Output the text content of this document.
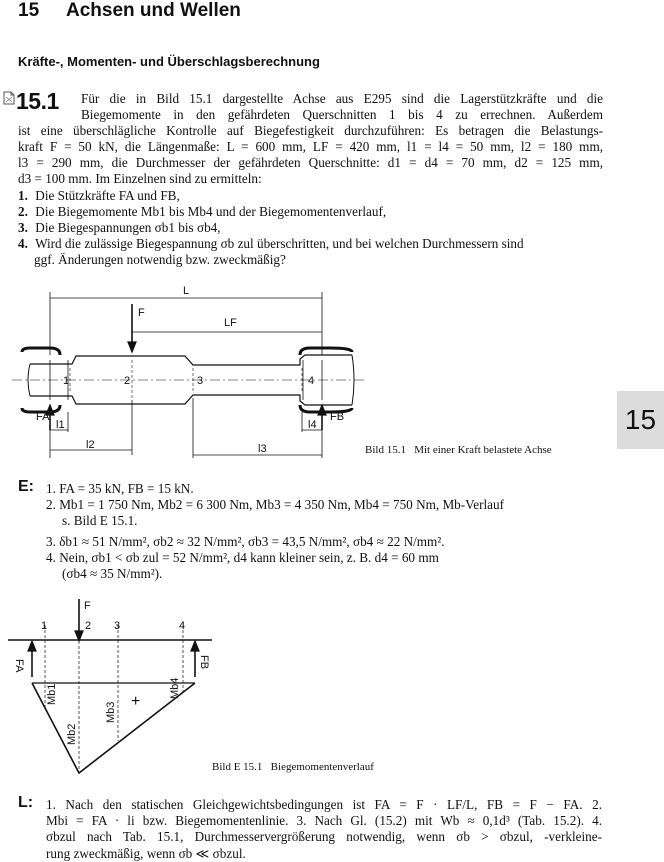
15 Achsen und Wellen
Kräfte-, Momenten- und Überschlagsberechnung
15.1 Für die in Bild 15.1 dargestellte Achse aus E295 sind die Lagerstützkräfte und die
Biegemomente in den gefährdeten Querschnitten 1 bis 4 zu errechnen. Außerdem
ist eine überschlägliche Kontrolle auf Biegefestigkeit durchzuführen: Es betragen die Belastungs-
kraft F = 50 kN, die Längenmaße: L = 600 mm, LF = 420 mm, l1 = l4 = 50 mm, l2 = 180 mm,
l3 = 290 mm, die Durchmesser der gefährdeten Querschnitte: d1 = d4 = 70 mm, d2 = 125 mm,
d3 = 100 mm. Im Einzelnen sind zu ermitteln:
1. Die Stützkräfte FA und FB,
2. Die Biegemomente Mb1 bis Mb4 und der Biegemomentenverlauf,
3. Die Biegespannungen σb1 bis σb4,
4. Wird die zulässige Biegespannung σb zul überschritten, und bei welchen Durchmessern sind
ggf. Änderungen notwendig bzw. zweckmäßig?
L
LF
F
1	2	3	4
FA	FB
l1
l2	l3
l4
Bild 15.1 Mit einer Kraft belastete Achse
15
E: 1. FA = 35 kN, FB = 15 kN.
2. Mb1 = 1 750 Nm, Mb2 = 6 300 Nm, Mb3 = 4 350 Nm, Mb4 = 750 Nm, Mb-Verlauf
s. Bild E 15.1.
3. δb1 ≈ 51 N/mm², σb2 ≈ 32 N/mm², σb3 = 43,5 N/mm², σb4 ≈ 22 N/mm².
4. Nein, σb1 < σb zul = 52 N/mm², d4 kann kleiner sein, z. B. d4 = 60 mm
(σb4 ≈ 35 N/mm²).
F
1	2 3	4
FA	FB
Mb1
Mb2
Mb3
Mb4
+
Bild E 15.1 Biegemomentenverlauf
L: 1. Nach den statischen Gleichgewichtsbedingungen ist FA = F · LF/L, FB = F − FA. 2.
Mbi = FA · li bzw. Biegemomentenlinie. 3. Nach Gl. (15.2) mit Wb ≈ 0,1d³ (Tab. 15.2). 4.
σbzul nach Tab. 15.1, Durchmesservergrößerung notwendig, wenn σb > σbzul, -verkleine-
rung zweckmäßig, wenn σb ≪ σbzul.
